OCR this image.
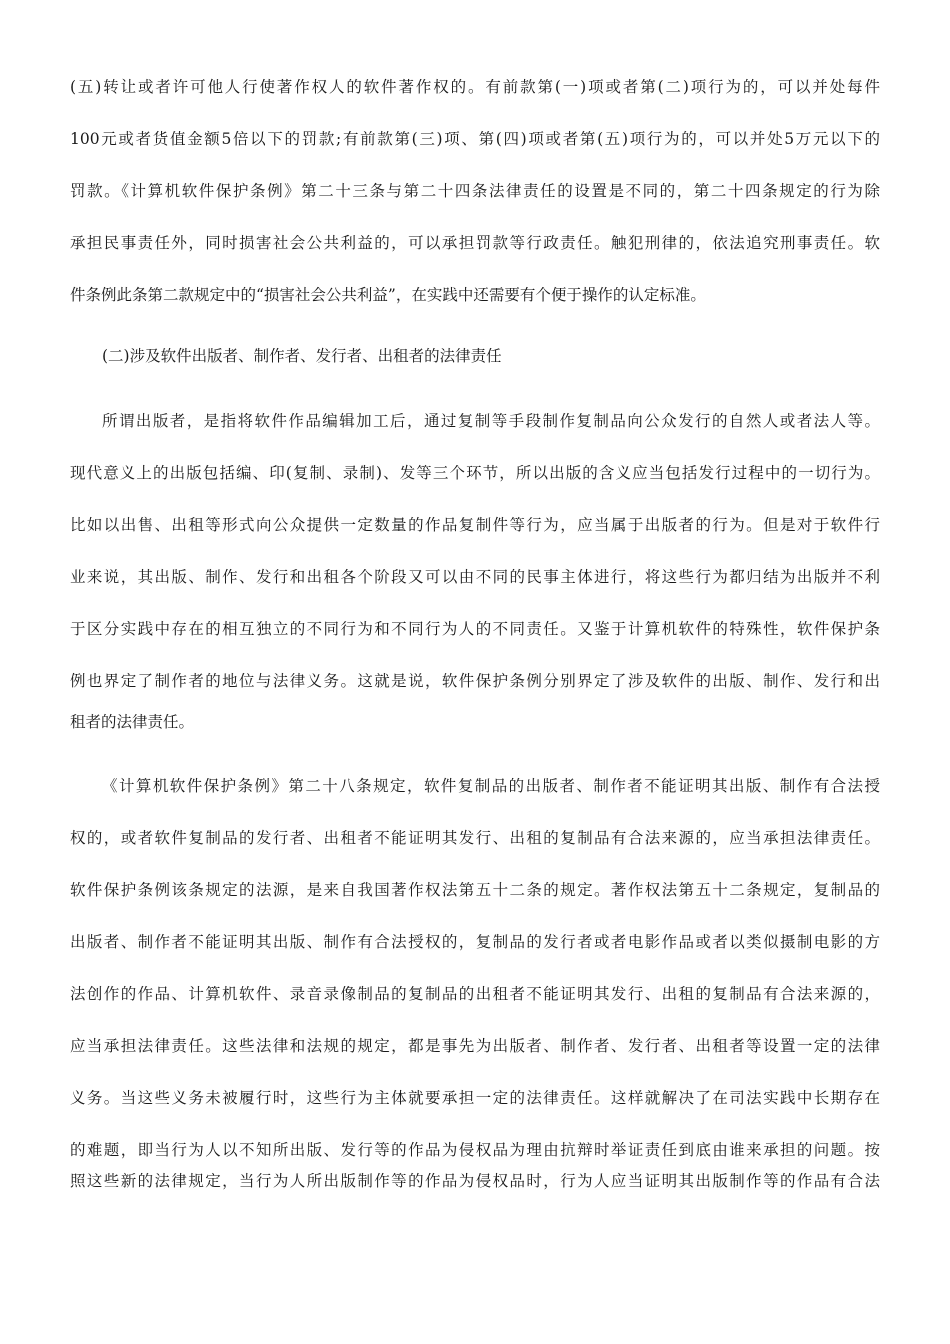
(五)转让或者许可他人行使著作权人的软件著作权的。有前款第(一)项或者第(二)项行为的，可以并处每件
100元或者货值金额5倍以下的罚款;有前款第(三)项、第(四)项或者第(五)项行为的，可以并处5万元以下的
罚款。《计算机软件保护条例》第二十三条与第二十四条法律责任的设置是不同的，第二十四条规定的行为除
承担民事责任外，同时损害社会公共利益的，可以承担罚款等行政责任。触犯刑律的，依法追究刑事责任。软
件条例此条第二款规定中的“损害社会公共利益”，在实践中还需要有个便于操作的认定标准。
(二)涉及软件出版者、制作者、发行者、出租者的法律责任
所谓出版者，是指将软件作品编辑加工后，通过复制等手段制作复制品向公众发行的自然人或者法人等。
现代意义上的出版包括编、印(复制、录制)、发等三个环节，所以出版的含义应当包括发行过程中的一切行为。
比如以出售、出租等形式向公众提供一定数量的作品复制件等行为，应当属于出版者的行为。但是对于软件行
业来说，其出版、制作、发行和出租各个阶段又可以由不同的民事主体进行，将这些行为都归结为出版并不利
于区分实践中存在的相互独立的不同行为和不同行为人的不同责任。又鉴于计算机软件的特殊性，软件保护条
例也界定了制作者的地位与法律义务。这就是说，软件保护条例分别界定了涉及软件的出版、制作、发行和出
租者的法律责任。
《计算机软件保护条例》第二十八条规定，软件复制品的出版者、制作者不能证明其出版、制作有合法授
权的，或者软件复制品的发行者、出租者不能证明其发行、出租的复制品有合法来源的，应当承担法律责任。
软件保护条例该条规定的法源，是来自我国著作权法第五十二条的规定。著作权法第五十二条规定，复制品的
出版者、制作者不能证明其出版、制作有合法授权的，复制品的发行者或者电影作品或者以类似摄制电影的方
法创作的作品、计算机软件、录音录像制品的复制品的出租者不能证明其发行、出租的复制品有合法来源的，
应当承担法律责任。这些法律和法规的规定，都是事先为出版者、制作者、发行者、出租者等设置一定的法律
义务。当这些义务未被履行时，这些行为主体就要承担一定的法律责任。这样就解决了在司法实践中长期存在
的难题，即当行为人以不知所出版、发行等的作品为侵权品为理由抗辩时举证责任到底由谁来承担的问题。按
照这些新的法律规定，当行为人所出版制作等的作品为侵权品时，行为人应当证明其出版制作等的作品有合法
